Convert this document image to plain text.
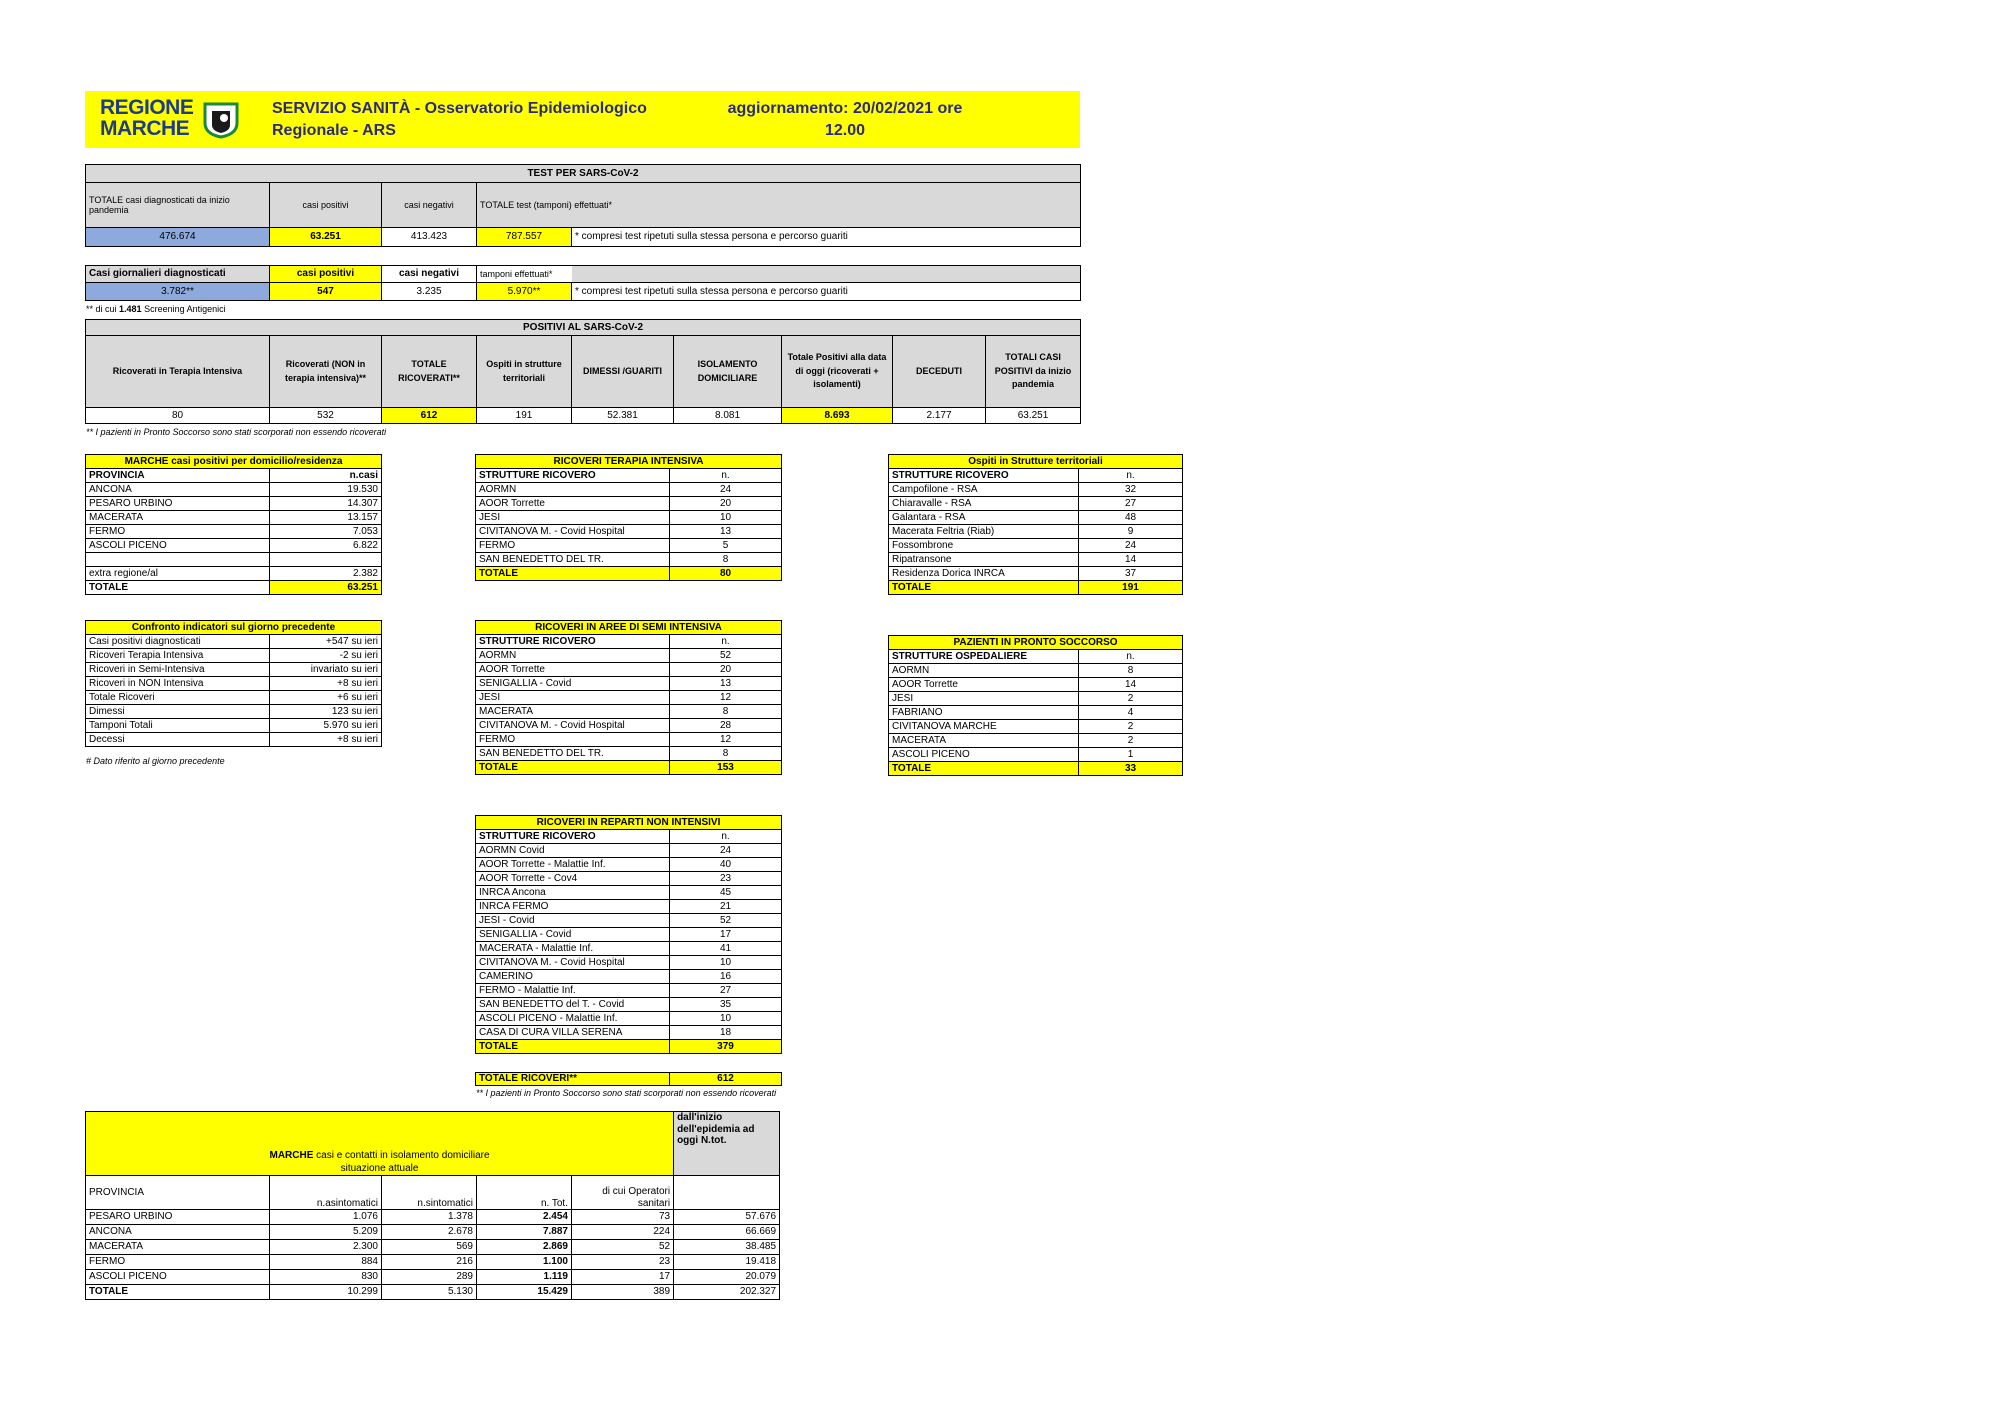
REGIONE
MARCHE
SERVIZIO SANITÀ - Osservatorio Epidemiologico
Regionale - ARS
aggiornamento: 20/02/2021 ore
12.00
TEST PER SARS-CoV-2				
TOTALE casi diagnosticati da inizio pandemia	casi positivi	casi negativi	TOTALE test (tamponi) effettuati*	
476.674	63.251	413.423	787.557	* compresi test ripetuti sulla stessa persona e percorso guariti
Casi giornalieri diagnosticati	casi positivi	casi negativi	tamponi effettuati*	
3.782**	547	3.235	5.970**	* compresi test ripetuti sulla stessa persona e percorso guariti
** di cui 1.481 Screening Antigenici
POSITIVI AL SARS-CoV-2								
Ricoverati in Terapia Intensiva	Ricoverati (NON in terapia intensiva)**	TOTALE RICOVERATI**	Ospiti in strutture territoriali	DIMESSI /GUARITI	ISOLAMENTO DOMICILIARE	Totale Positivi alla data di oggi (ricoverati + isolamenti)	DECEDUTI	TOTALI CASI POSITIVI da inizio pandemia
80	532	612	191	52.381	8.081	8.693	2.177	63.251
** I pazienti in Pronto Soccorso sono stati scorporati non essendo ricoverati
MARCHE casi positivi per domicilio/residenza	
PROVINCIA	n.casi
ANCONA	19.530
PESARO URBINO	14.307
MACERATA	13.157
FERMO	7.053
ASCOLI PICENO	6.822

extra regione/al	2.382
TOTALE	63.251
Confronto indicatori sul giorno precedente	
Casi positivi diagnosticati	+547 su ieri
Ricoveri Terapia Intensiva	-2 su ieri
Ricoveri in Semi-Intensiva	invariato su ieri
Ricoveri in NON Intensiva	+8 su ieri
Totale Ricoveri	+6 su ieri
Dimessi	123 su ieri
Tamponi Totali	5.970 su ieri
Decessi	+8 su ieri
# Dato riferito al giorno precedente
RICOVERI TERAPIA INTENSIVA	
STRUTTURE RICOVERO	n.
AORMN	24
AOOR Torrette	20
JESI	10
CIVITANOVA M. - Covid Hospital	13
FERMO	5
SAN BENEDETTO DEL TR.	8
TOTALE	80
RICOVERI IN AREE DI SEMI INTENSIVA	
STRUTTURE RICOVERO	n.
AORMN	52
AOOR Torrette	20
SENIGALLIA - Covid	13
JESI	12
MACERATA	8
CIVITANOVA M. - Covid Hospital	28
FERMO	12
SAN BENEDETTO DEL TR.	8
TOTALE	153
RICOVERI IN REPARTI NON INTENSIVI	
STRUTTURE RICOVERO	n.
AORMN Covid	24
AOOR Torrette - Malattie Inf.	40
AOOR Torrette - Cov4	23
INRCA Ancona	45
INRCA FERMO	21
JESI - Covid	52
SENIGALLIA - Covid	17
MACERATA - Malattie Inf.	41
CIVITANOVA M. - Covid Hospital	10
CAMERINO	16
FERMO - Malattie Inf.	27
SAN BENEDETTO del T. - Covid	35
ASCOLI PICENO - Malattie Inf.	10
CASA DI CURA VILLA SERENA	18
TOTALE	379
TOTALE RICOVERI**	612
** I pazienti in Pronto Soccorso sono stati scorporati non essendo ricoverati
Ospiti in Strutture territoriali	
STRUTTURE RICOVERO	n.
Campofilone - RSA	32
Chiaravalle - RSA	27
Galantara - RSA	48
Macerata Feltria (Riab)	9
Fossombrone	24
Ripatransone	14
Residenza Dorica INRCA	37
TOTALE	191
PAZIENTI IN PRONTO SOCCORSO	
STRUTTURE OSPEDALIERE	n.
AORMN	8
AOOR Torrette	14
JESI	2
FABRIANO	4
CIVITANOVA MARCHE	2
MACERATA	2
ASCOLI PICENO	1
TOTALE	33
MARCHE casi e contatti in isolamento domiciliare					dall'inizio dell'epidemia ad oggi N.tot.
situazione attuale					
PROVINCIA	n.asintomatici	n.sintomatici	n. Tot.	di cui Operatori sanitari	
PESARO URBINO	1.076	1.378	2.454	73	57.676
ANCONA	5.209	2.678	7.887	224	66.669
MACERATA	2.300	569	2.869	52	38.485
FERMO	884	216	1.100	23	19.418
ASCOLI PICENO	830	289	1.119	17	20.079
TOTALE	10.299	5.130	15.429	389	202.327
